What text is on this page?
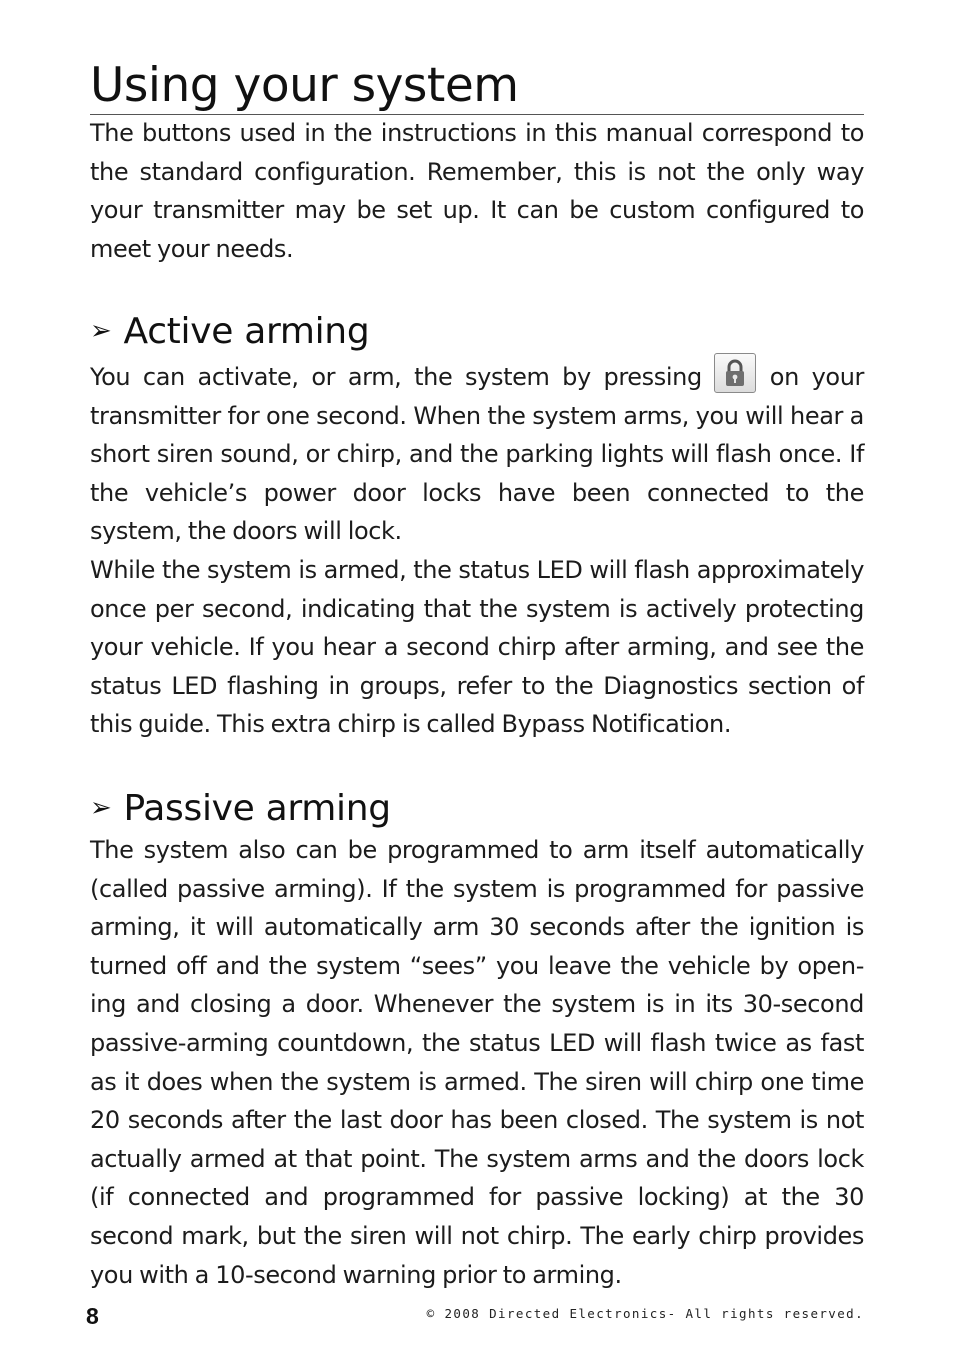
Using your system

The buttons used in the instructions in this manual correspond to the standard configuration. Remember, this is not the only way your transmitter may be set up. It can be custom configured to meet your needs.

➢ Active arming

You can activate, or arm, the system by pressing	on your transmitter for one second. When the system arms, you will hear a short siren sound, or chirp, and the parking lights will flash once. If the vehicle’s power door locks have been connected to the system, the doors will lock.

While the system is armed, the status LED will flash approximately once per second, indicating that the system is actively protecting your vehicle. If you hear a second chirp after arming, and see the status LED flashing in groups, refer to the Diagnostics section of this guide. This extra chirp is called Bypass Notification.

➢ Passive arming

The system also can be programmed to arm itself automatically (called passive arming). If the system is programmed for passive arming, it will automatically arm 30 seconds after the ignition is turned off and the system “sees” you leave the vehicle by open-ing and closing a door. Whenever the system is in its 30-second passive-arming countdown, the status LED will flash twice as fast as it does when the system is armed. The siren will chirp one time 20 seconds after the last door has been closed. The system is not actually armed at that point. The system arms and the doors lock (if connected and programmed for passive locking) at the 30 second mark, but the siren will not chirp. The early chirp provides you with a 10-second warning prior to arming.

8	© 2008 Directed Electronics- All rights reserved.
